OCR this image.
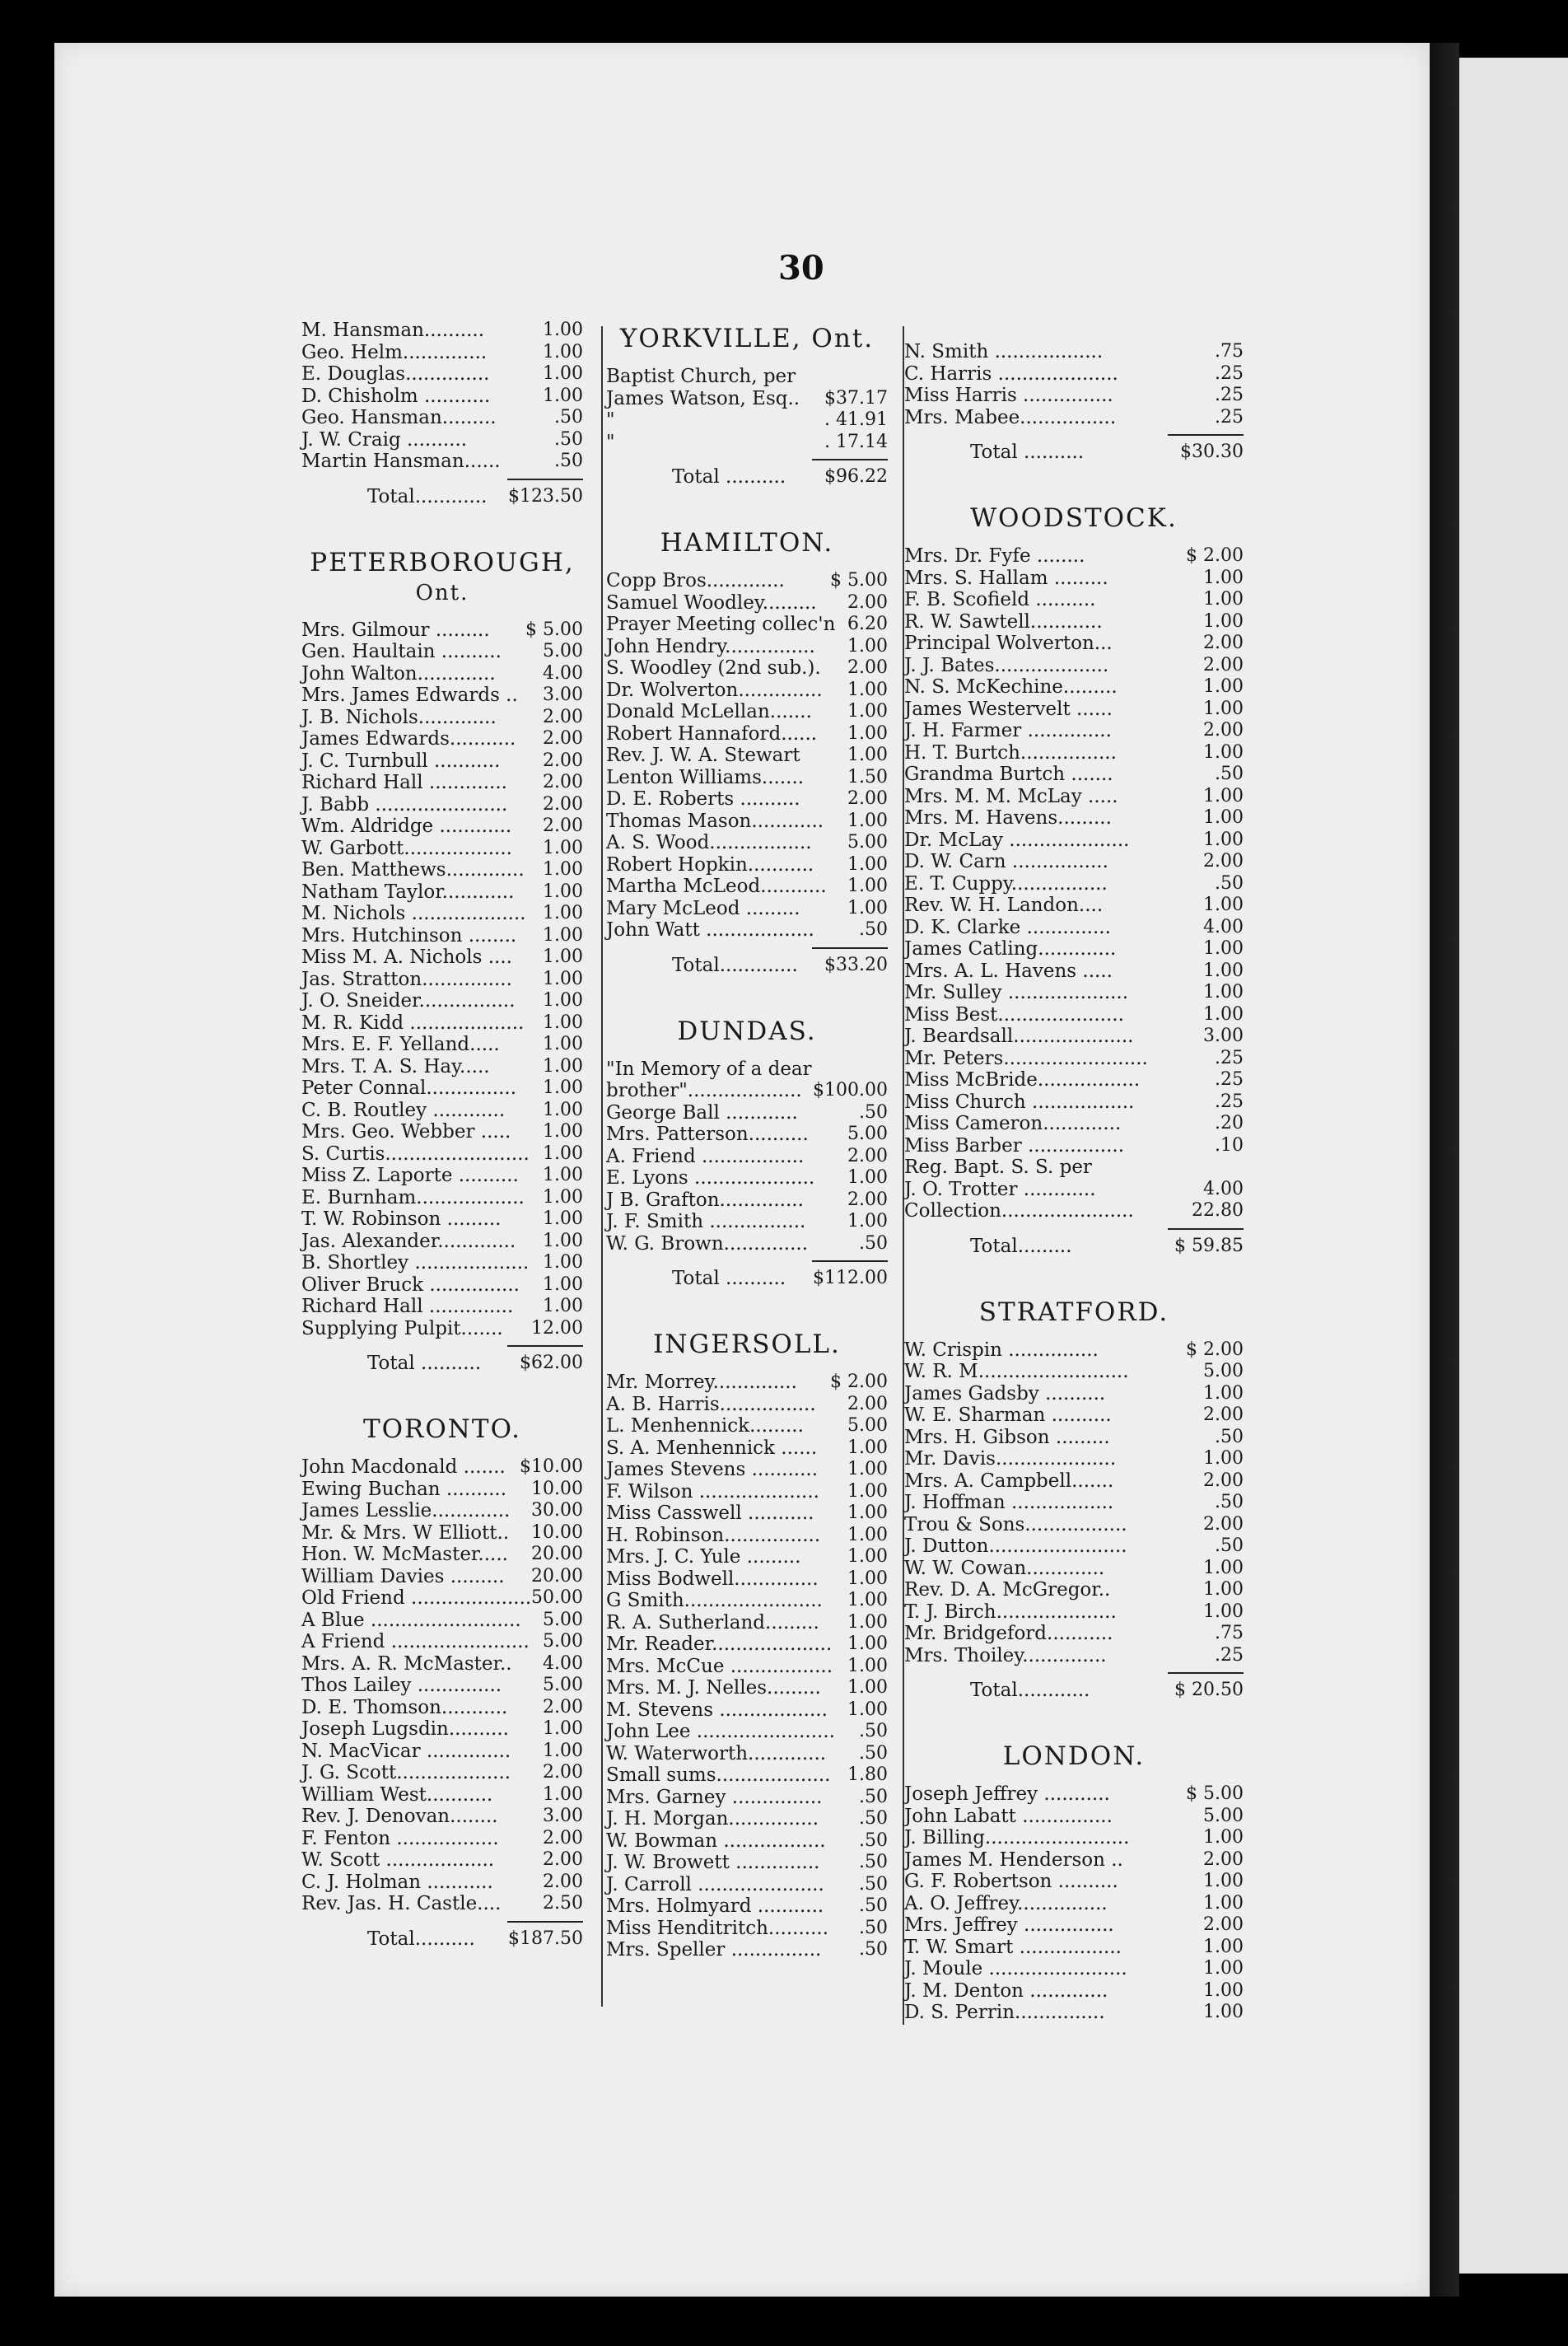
30
M. Hansman..........	1.00
Geo. Helm..............	1.00
E. Douglas..............	1.00
D. Chisholm ...........	1.00
Geo. Hansman.........	.50
J. W. Craig ..........	.50
Martin Hansman......	.50
Total............ $123.50
PETERBOROUGH,
Ont.
Mrs. Gilmour ......... $ 5.00
Gen. Haultain .......... 5.00
John Walton.............	4.00
Mrs. James Edwards .. 3.00
J. B. Nichols.............	2.00
James Edwards........... 2.00
J. C. Turnbull ........... 2.00
Richard Hall ............. 2.00
J. Babb ...................... 2.00
Wm. Aldridge ............ 2.00
W. Garbott.................. 1.00
Ben. Matthews............. 1.00
Natham Taylor............ 1.00
M. Nichols ................... 1.00
Mrs. Hutchinson ........ 1.00
Miss M. A. Nichols .... 1.00
Jas. Stratton............... 1.00
J. O. Sneider................ 1.00
M. R. Kidd ................... 1.00
Mrs. E. F. Yelland..... 1.00
Mrs. T. A. S. Hay.....	1.00
Peter Connal............... 1.00
C. B. Routley ............ 1.00
Mrs. Geo. Webber ..... 1.00
S. Curtis........................ 1.00
Miss Z. Laporte .......... 1.00
E. Burnham.................. 1.00
T. W. Robinson ......... 1.00
Jas. Alexander............. 1.00
B. Shortley ................... 1.00
Oliver Bruck ............... 1.00
Richard Hall .............. 1.00
Supplying Pulpit....... 12.00
Total .......... $62.00
TORONTO.
John Macdonald ....... $10.00
Ewing Buchan .......... 10.00
James Lesslie............. 30.00
Mr. & Mrs. W Elliott.. 10.00
Hon. W. McMaster..... 20.00
William Davies ......... 20.00
Old Friend .................... 50.00
A Blue ......................... 5.00
A Friend ....................... 5.00
Mrs. A. R. McMaster.. 4.00
Thos Lailey .............. 5.00
D. E. Thomson........... 2.00
Joseph Lugsdin.......... 1.00
N. MacVicar .............. 1.00
J. G. Scott................... 2.00
William West...........	1.00
Rev. J. Denovan........ 3.00
F. Fenton ................. 2.00
W. Scott ..................	2.00
C. J. Holman ...........	2.00
Rev. Jas. H. Castle.... 2.50
Total.......... $187.50
YORKVILLE, Ont.
Baptist Church, per
James Watson, Esq.. $37.17
"	. 41.91
"	. 17.14
Total .......... $96.22
HAMILTON.
Copp Bros.............	$ 5.00
Samuel Woodley......... 2.00
Prayer Meeting collec'n 6.20
John Hendry............... 1.00
S. Woodley (2nd sub.). 2.00
Dr. Wolverton.............. 1.00
Donald McLellan....... 1.00
Robert Hannaford...... 1.00
Rev. J. W. A. Stewart	1.00
Lenton Williams....... 1.50
D. E. Roberts ..........	2.00
Thomas Mason............ 1.00
A. S. Wood................. 5.00
Robert Hopkin........... 1.00
Martha McLeod........... 1.00
Mary McLeod .........	1.00
John Watt .................. .50
Total............. $33.20
DUNDAS.
"In Memory of a dear
brother"................... $100.00
George Ball ............	.50
Mrs. Patterson.......... 5.00
A. Friend ................. 2.00
E. Lyons .................... 1.00
J B. Grafton.............. 2.00
J. F. Smith ................ 1.00
W. G. Brown..............	.50
Total .......... $112.00
INGERSOLL.
Mr. Morrey.............. $ 2.00
A. B. Harris................ 2.00
L. Menhennick......... 5.00
S. A. Menhennick ...... 1.00
James Stevens ........... 1.00
F. Wilson .................... 1.00
Miss Casswell ........... 1.00
H. Robinson................ 1.00
Mrs. J. C. Yule .........	1.00
Miss Bodwell.............. 1.00
G Smith....................... 1.00
R. A. Sutherland......... 1.00
Mr. Reader.................... 1.00
Mrs. McCue ................. 1.00
Mrs. M. J. Nelles......... 1.00
M. Stevens .................. 1.00
John Lee ....................... .50
W. Waterworth............. .50
Small sums................... 1.80
Mrs. Garney ............... .50
J. H. Morgan............... .50
W. Bowman ................. .50
J. W. Browett .............. .50
J. Carroll ..................... .50
Mrs. Holmyard ........... .50
Miss Henditritch.......... .50
Mrs. Speller ............... .50
N. Smith ..................	.75
C. Harris ....................	.25
Miss Harris ...............	.25
Mrs. Mabee................	.25
Total ..........	$30.30
WOODSTOCK.
Mrs. Dr. Fyfe ........	$ 2.00
Mrs. S. Hallam .........	1.00
F. B. Scofield ..........	1.00
R. W. Sawtell............	1.00
Principal Wolverton...	2.00
J. J. Bates...................	2.00
N. S. McKechine.........	1.00
James Westervelt ......	1.00
J. H. Farmer ..............	2.00
H. T. Burtch................	1.00
Grandma Burtch .......	.50
Mrs. M. M. McLay .....	1.00
Mrs. M. Havens.........	1.00
Dr. McLay ....................	1.00
D. W. Carn ................	2.00
E. T. Cuppy................	.50
Rev. W. H. Landon....	1.00
D. K. Clarke ..............	4.00
James Catling.............	1.00
Mrs. A. L. Havens .....	1.00
Mr. Sulley ....................	1.00
Miss Best.....................	1.00
J. Beardsall....................	3.00
Mr. Peters........................	.25
Miss McBride.................	.25
Miss Church .................	.25
Miss Cameron.............	.20
Miss Barber ................	.10
Reg. Bapt. S. S. per
J. O. Trotter ............	4.00
Collection......................	22.80
Total.........	$ 59.85
STRATFORD.
W. Crispin ...............	$ 2.00
W. R. M.........................	5.00
James Gadsby ..........	1.00
W. E. Sharman ..........	2.00
Mrs. H. Gibson .........	.50
Mr. Davis....................	1.00
Mrs. A. Campbell.......	2.00
J. Hoffman .................	.50
Trou & Sons.................	2.00
J. Dutton.......................	.50
W. W. Cowan.............	1.00
Rev. D. A. McGregor..	1.00
T. J. Birch....................	1.00
Mr. Bridgeford...........	.75
Mrs. Thoiley..............	.25
Total............	$ 20.50
LONDON.
Joseph Jeffrey ...........	$ 5.00
John Labatt ...............	5.00
J. Billing........................	1.00
James M. Henderson ..	2.00
G. F. Robertson ..........	1.00
A. O. Jeffrey...............	1.00
Mrs. Jeffrey ...............	2.00
T. W. Smart .................	1.00
J. Moule .......................	1.00
J. M. Denton .............	1.00
D. S. Perrin...............	1.00
